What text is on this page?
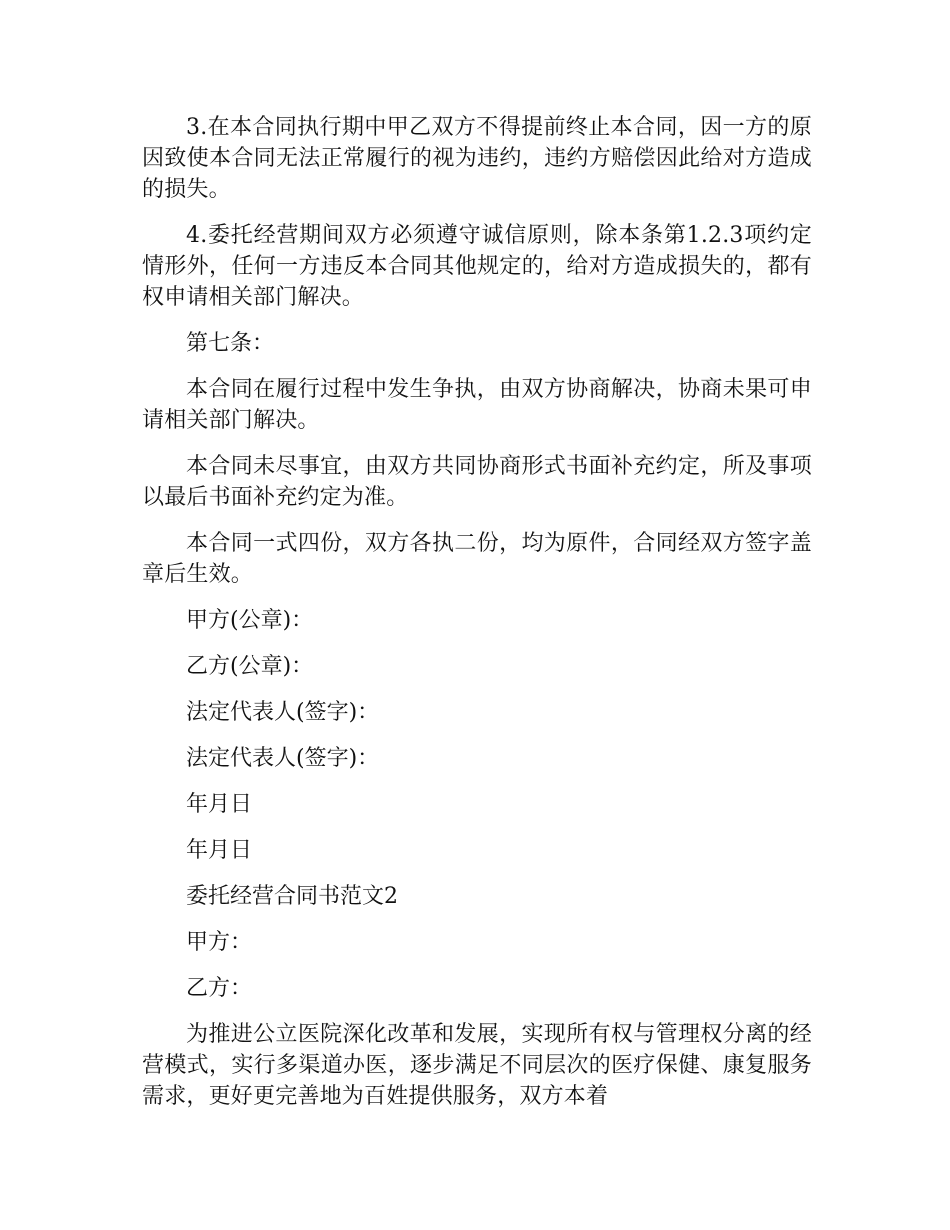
3.在本合同执行期中甲乙双方不得提前终止本合同，因一方的原因致使本合同无法正常履行的视为违约，违约方赔偿因此给对方造成的损失。

4.委托经营期间双方必须遵守诚信原则，除本条第1.2.3项约定情形外，任何一方违反本合同其他规定的，给对方造成损失的，都有权申请相关部门解决。

第七条：

本合同在履行过程中发生争执，由双方协商解决，协商未果可申请相关部门解决。

本合同未尽事宜，由双方共同协商形式书面补充约定，所及事项以最后书面补充约定为准。

本合同一式四份，双方各执二份，均为原件，合同经双方签字盖章后生效。

甲方(公章)：

乙方(公章)：

法定代表人(签字)：

法定代表人(签字)：

年月日

年月日

委托经营合同书范文2

甲方：

乙方：

为推进公立医院深化改革和发展，实现所有权与管理权分离的经营模式，实行多渠道办医，逐步满足不同层次的医疗保健、康复服务需求，更好更完善地为百姓提供服务，双方本着
